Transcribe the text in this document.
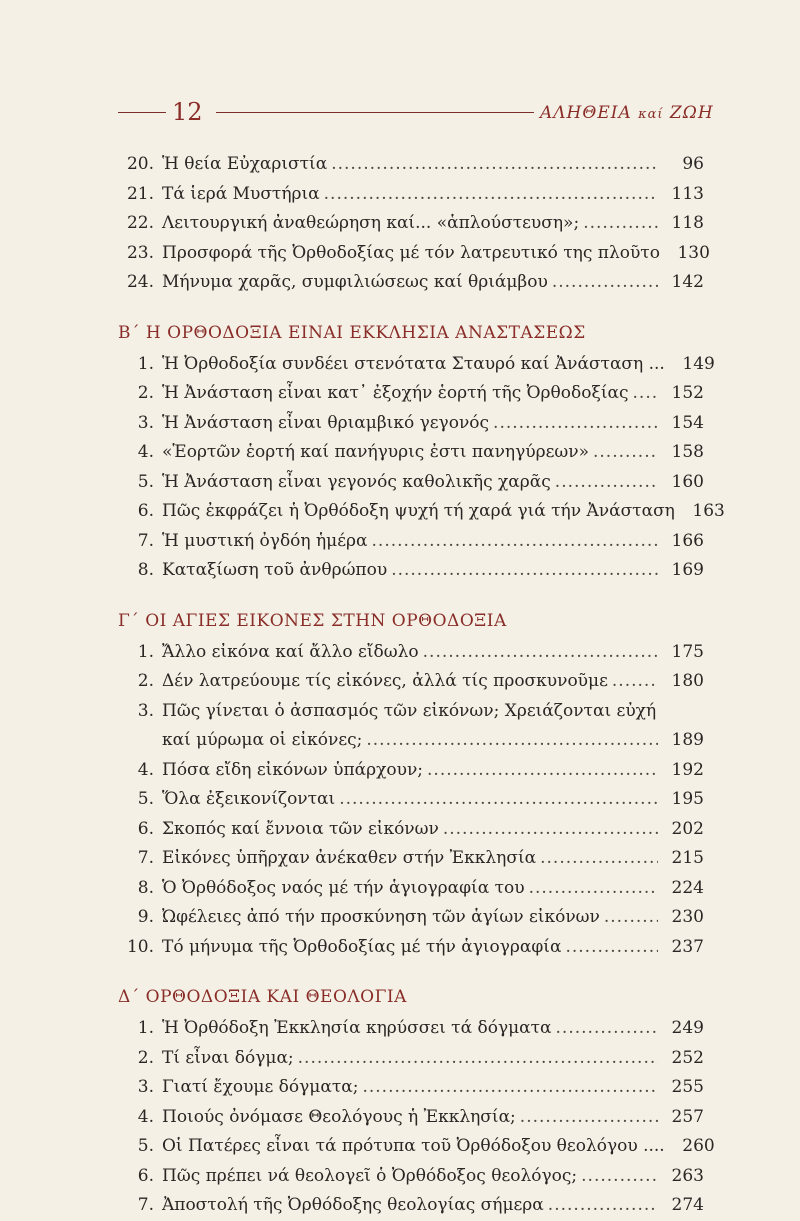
12	ΑΛΗΘΕΙΑ καί ΖΩΗ
20. Ἡ θεία Εὐχαριστία .....	96
21. Τά ἱερά Μυστήρια .....	113
22. Λειτουργική ἀναθεώρηση καί... «ἁπλούστευση»; .....	118
23. Προσφορά τῆς Ὀρθοδοξίας μέ τόν λατρευτικό της πλοῦτο	130
24. Μήνυμα χαρᾶς, συμφιλιώσεως καί θριάμβου .....	142
Β΄ Η ΟΡΘΟΔΟΞΙΑ ΕΙΝΑΙ ΕΚΚΛΗΣΙΑ ΑΝΑΣΤΑΣΕΩΣ
1. Ἡ Ὀρθοδοξία συνδέει στενότατα Σταυρό καί Ἀνάσταση ...	149
2. Ἡ Ἀνάσταση εἶναι κατ᾿ ἐξοχήν ἑορτή τῆς Ὀρθοδοξίας .....	152
3. Ἡ Ἀνάσταση εἶναι θριαμβικό γεγονός .....	154
4. «Ἑορτῶν ἑορτή καί πανήγυρις ἐστι πανηγύρεων» .....	158
5. Ἡ Ἀνάσταση εἶναι γεγονός καθολικῆς χαρᾶς .....	160
6. Πῶς ἐκφράζει ἡ Ὀρθόδοξη ψυχή τή χαρά γιά τήν Ἀνάσταση	163
7. Ἡ μυστική ὀγδόη ἡμέρα .....	166
8. Καταξίωση τοῦ ἀνθρώπου .....	169
Γ΄ ΟΙ ΑΓΙΕΣ ΕΙΚΟΝΕΣ ΣΤΗΝ ΟΡΘΟΔΟΞΙΑ
1. Ἄλλο εἰκόνα καί ἄλλο εἴδωλο .....	175
2. Δέν λατρεύουμε τίς εἰκόνες, ἀλλά τίς προσκυνοῦμε .....	180
3. Πῶς γίνεται ὁ ἀσπασμός τῶν εἰκόνων; Χρειάζονται εὐχή
καί μύρωμα οἱ εἰκόνες; .....	189
4. Πόσα εἴδη εἰκόνων ὑπάρχουν; .....	192
5. Ὅλα ἐξεικονίζονται .....	195
6. Σκοπός καί ἔννοια τῶν εἰκόνων .....	202
7. Εἰκόνες ὑπῆρχαν ἀνέκαθεν στήν Ἐκκλησία .....	215
8. Ὁ Ὀρθόδοξος ναός μέ τήν ἁγιογραφία του .....	224
9. Ὠφέλειες ἀπό τήν προσκύνηση τῶν ἁγίων εἰκόνων .....	230
10. Τό μήνυμα τῆς Ὀρθοδοξίας μέ τήν ἁγιογραφία .....	237
Δ΄ ΟΡΘΟΔΟΞΙΑ ΚΑΙ ΘΕΟΛΟΓΙΑ
1. Ἡ Ὀρθόδοξη Ἐκκλησία κηρύσσει τά δόγματα .....	249
2. Τί εἶναι δόγμα; .....	252
3. Γιατί ἔχουμε δόγματα; .....	255
4. Ποιούς ὀνόμασε Θεολόγους ἡ Ἐκκλησία; .....	257
5. Οἱ Πατέρες εἶναι τά πρότυπα τοῦ Ὀρθόδοξου θεολόγου ....	260
6. Πῶς πρέπει νά θεολογεῖ ὁ Ὀρθόδοξος θεολόγος; .....	263
7. Ἀποστολή τῆς Ὀρθόδοξης θεολογίας σήμερα .....	274
